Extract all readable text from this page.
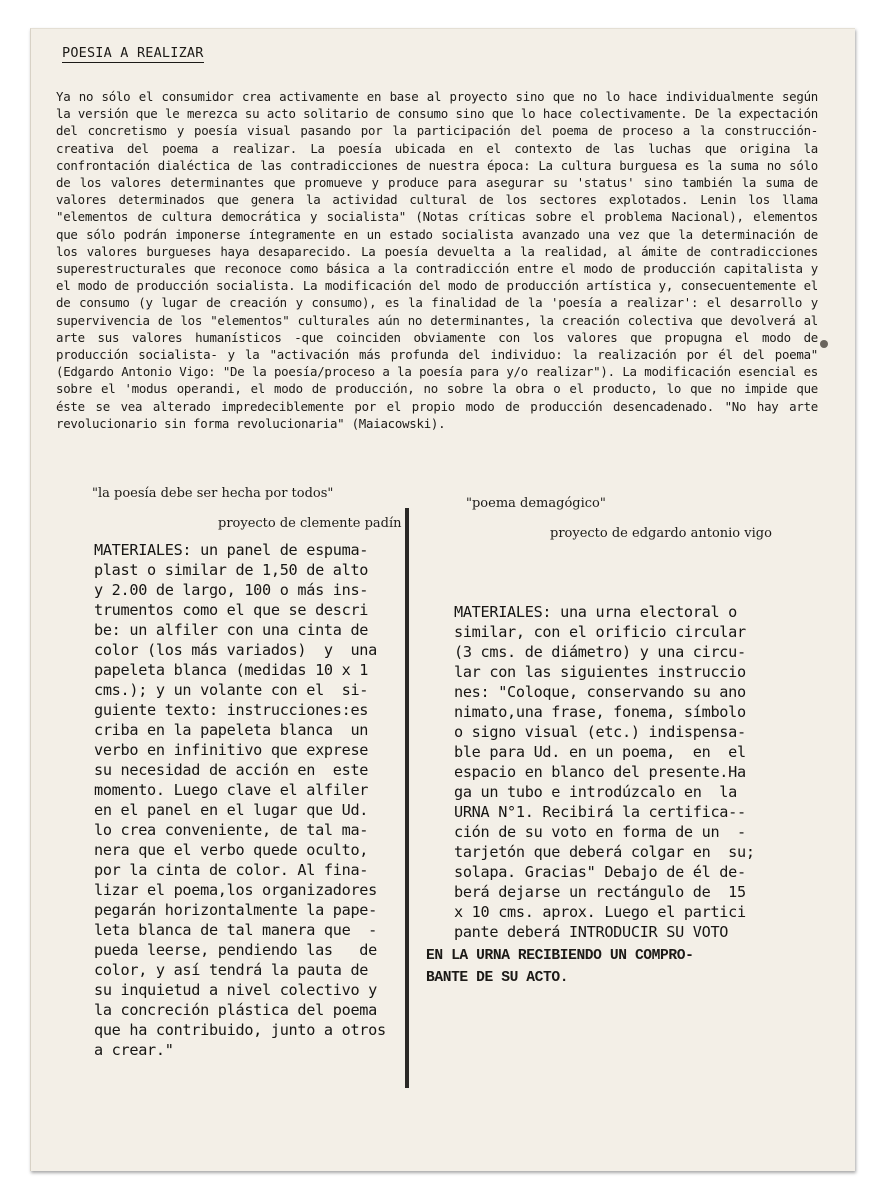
POESIA A REALIZAR

Ya no sólo el consumidor crea activamente en base al proyecto sino que no lo hace individualmente según la versión que le merezca su acto solitario de consumo sino que lo hace colectivamente. De la expectación del concretismo y poesía visual pasando por la participación del poema de proceso a la construcción-creativa del poema a realizar. La poesía ubicada en el contexto de las luchas que origina la confrontación dialéctica de las contradicciones de nuestra época: La cultura burguesa es la suma no sólo de los valores determinantes que promueve y produce para asegurar su 'status' sino también la suma de valores determinados que genera la actividad cultural de los sectores explotados. Lenin los llama "elementos de cultura democrática y socialista" (Notas críticas sobre el problema Nacional), elementos que sólo podrán imponerse íntegramente en un estado socialista avanzado una vez que la determinación de los valores burgueses haya desaparecido. La poesía devuelta a la realidad, al ámite de contradicciones superestructurales que reconoce como básica a la contradicción entre el modo de producción capitalista y el modo de producción socialista. La modificación del modo de producción artística y, consecuentemente el de consumo (y lugar de creación y consumo), es la finalidad de la 'poesía a realizar': el desarrollo y supervivencia de los "elementos" culturales aún no determinantes, la creación colectiva que devolverá al arte sus valores humanísticos -que coinciden obviamente con los valores que propugna el modo de producción socialista- y la "activación más profunda del individuo: la realización por él del poema" (Edgardo Antonio Vigo: "De la poesía/proceso a la poesía para y/o realizar"). La modificación esencial es sobre el 'modus operandi, el modo de producción, no sobre la obra o el producto, lo que no impide que éste se vea alterado impredeciblemente por el propio modo de producción desencadenado. "No hay arte revolucionario sin forma revolucionaria" (Maiacowski).

"la poesía debe ser hecha por todos"
proyecto de clemente padín
MATERIALES: un panel de espuma-
plast o similar de 1,50 de alto
y 2.00 de largo, 100 o más ins-
trumentos como el que se descri
be: un alfiler con una cinta de
color (los más variados)  y  una
papeleta blanca (medidas 10 x 1
cms.); y un volante con el  si-
guiente texto: instrucciones:es
criba en la papeleta blanca  un
verbo en infinitivo que exprese
su necesidad de acción en  este
momento. Luego clave el alfiler
en el panel en el lugar que Ud.
lo crea conveniente, de tal ma-
nera que el verbo quede oculto,
por la cinta de color. Al fina-
lizar el poema,los organizadores
pegarán horizontalmente la pape-
leta blanca de tal manera que  -
pueda leerse, pendiendo las   de
color, y así tendrá la pauta de
su inquietud a nivel colectivo y
la concreción plástica del poema
que ha contribuido, junto a otros
a crear."
"poema demagógico"
proyecto de edgardo antonio vigo
MATERIALES: una urna electoral o
similar, con el orificio circular
(3 cms. de diámetro) y una circu-
lar con las siguientes instruccio
nes: "Coloque, conservando su ano
nimato,una frase, fonema, símbolo
o signo visual (etc.) indispensa-
ble para Ud. en un poema,  en  el
espacio en blanco del presente.Ha
ga un tubo e introdúzcalo en  la
URNA N°1. Recibirá la certifica--
ción de su voto en forma de un  -
tarjetón que deberá colgar en  su;
solapa. Gracias" Debajo de él de-
berá dejarse un rectángulo de  15
x 10 cms. aprox. Luego el partici
pante deberá INTRODUCIR SU VOTO
EN LA URNA RECIBIENDO UN COMPRO-
BANTE DE SU ACTO.
